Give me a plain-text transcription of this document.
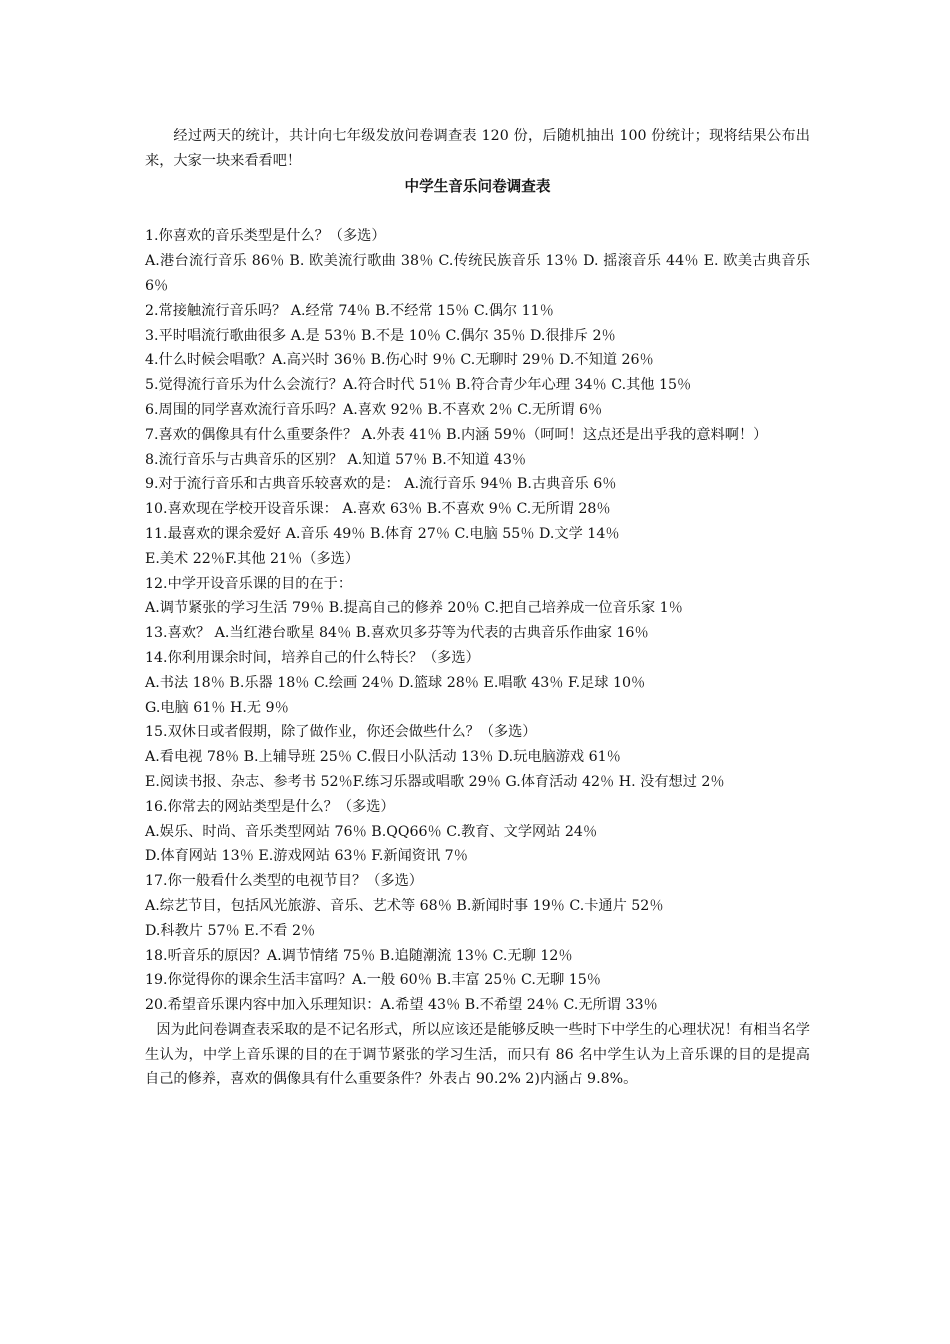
经过两天的统计，共计向七年级发放问卷调查表 120 份，后随机抽出 100 份统计；现将结果公布出来，大家一块来看看吧！

中学生音乐问卷调查表

1.你喜欢的音乐类型是什么？（多选）

A.港台流行音乐 86％ B. 欧美流行歌曲 38％ C.传统民族音乐 13％ D. 摇滚音乐 44％ E. 欧美古典音乐 6％

2.常接触流行音乐吗？ A.经常 74％ B.不经常 15％ C.偶尔 11％

3.平时唱流行歌曲很多 A.是 53％ B.不是 10％ C.偶尔 35％ D.很排斥 2％

4.什么时候会唱歌？A.高兴时 36％ B.伤心时 9％ C.无聊时 29％ D.不知道 26％

5.觉得流行音乐为什么会流行？A.符合时代 51％ B.符合青少年心理 34％ C.其他 15％

6.周围的同学喜欢流行音乐吗？A.喜欢 92％ B.不喜欢 2％ C.无所谓 6％

7.喜欢的偶像具有什么重要条件？ A.外表 41％ B.内涵 59％（呵呵！这点还是出乎我的意料啊！）

8.流行音乐与古典音乐的区别？ A.知道 57％ B.不知道 43％

9.对于流行音乐和古典音乐较喜欢的是： A.流行音乐 94％ B.古典音乐 6％

10.喜欢现在学校开设音乐课： A.喜欢 63％ B.不喜欢 9％ C.无所谓 28％

11.最喜欢的课余爱好 A.音乐 49％ B.体育 27％ C.电脑 55％ D.文学 14％

E.美术 22％F.其他 21％（多选）

12.中学开设音乐课的目的在于：

A.调节紧张的学习生活 79％ B.提高自己的修养 20％ C.把自己培养成一位音乐家 1％

13.喜欢？ A.当红港台歌星 84％ B.喜欢贝多芬等为代表的古典音乐作曲家 16％

14.你利用课余时间，培养自己的什么特长？（多选）

A.书法 18％ B.乐器 18％ C.绘画 24％ D.篮球 28％ E.唱歌 43％ F.足球 10％

G.电脑 61％ H.无 9％

15.双休日或者假期，除了做作业，你还会做些什么？（多选）

A.看电视 78％ B.上辅导班 25％ C.假日小队活动 13％ D.玩电脑游戏 61％

E.阅读书报、杂志、参考书 52％F.练习乐器或唱歌 29％ G.体育活动 42％ H. 没有想过 2％

16.你常去的网站类型是什么？（多选）

A.娱乐、时尚、音乐类型网站 76％ B.QQ66％ C.教育、文学网站 24％

D.体育网站 13％ E.游戏网站 63％ F.新闻资讯 7％

17.你一般看什么类型的电视节目？（多选）

A.综艺节目，包括风光旅游、音乐、艺术等 68％ B.新闻时事 19％ C.卡通片 52％

D.科教片 57％ E.不看 2％

18.听音乐的原因？A.调节情绪 75％ B.追随潮流 13％ C.无聊 12％

19.你觉得你的课余生活丰富吗？A.一般 60％ B.丰富 25％ C.无聊 15％

20.希望音乐课内容中加入乐理知识：A.希望 43％ B.不希望 24％ C.无所谓 33％

因为此问卷调查表采取的是不记名形式，所以应该还是能够反映一些时下中学生的心理状况！有相当名学生认为，中学上音乐课的目的在于调节紧张的学习生活，而只有 86 名中学生认为上音乐课的目的是提高自己的修养，喜欢的偶像具有什么重要条件？外表占 90.2% 2)内涵占 9.8%。
